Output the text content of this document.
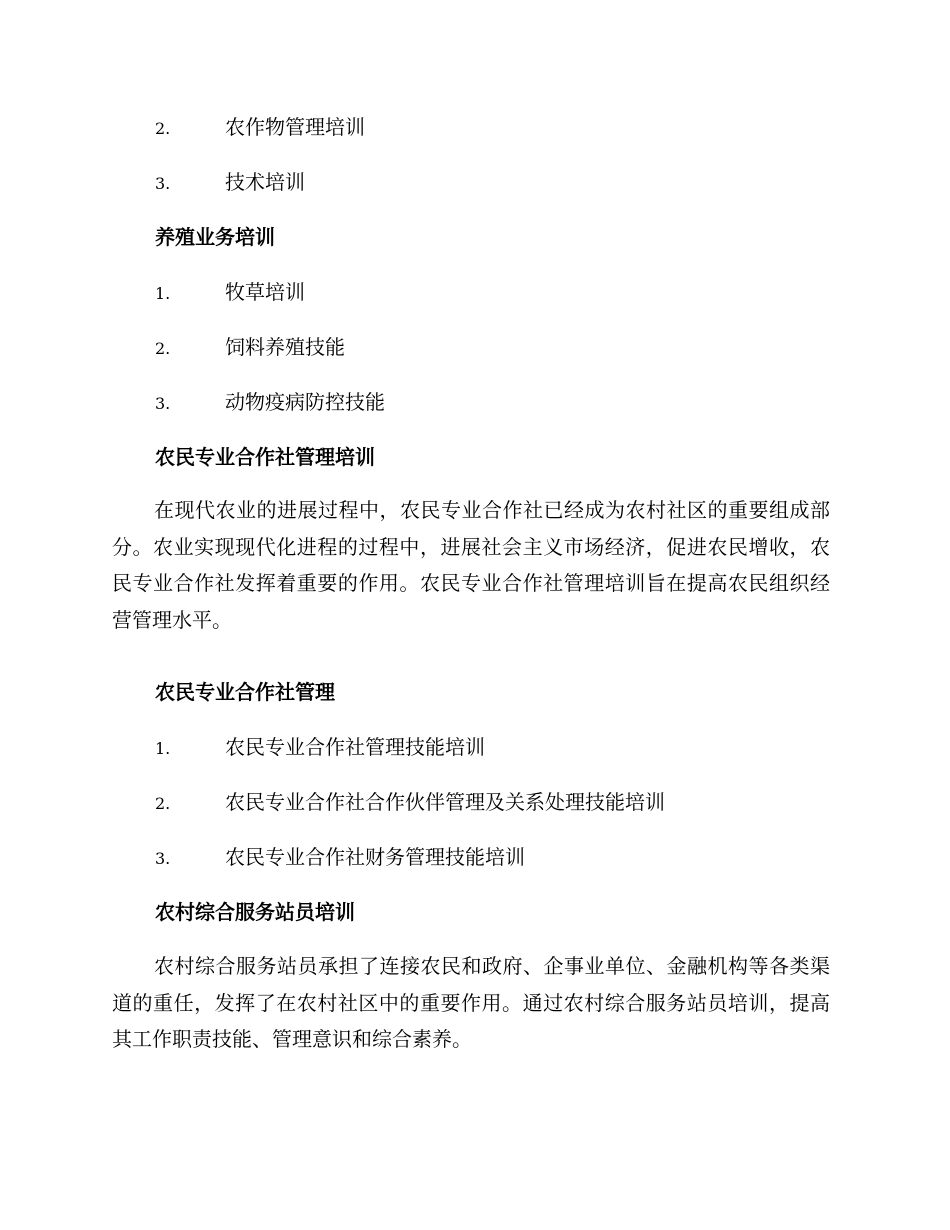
2.	农作物管理培训
3.	技术培训
养殖业务培训
1.	牧草培训
2.	饲料养殖技能
3.	动物疫病防控技能
农民专业合作社管理培训
在现代农业的进展过程中，农民专业合作社已经成为农村社区的重要组成部分。农业实现现代化进程的过程中，进展社会主义市场经济，促进农民增收，农民专业合作社发挥着重要的作用。农民专业合作社管理培训旨在提高农民组织经营管理水平。
农民专业合作社管理
1.	农民专业合作社管理技能培训
2.	农民专业合作社合作伙伴管理及关系处理技能培训
3.	农民专业合作社财务管理技能培训
农村综合服务站员培训
农村综合服务站员承担了连接农民和政府、企事业单位、金融机构等各类渠道的重任，发挥了在农村社区中的重要作用。通过农村综合服务站员培训，提高其工作职责技能、管理意识和综合素养。
